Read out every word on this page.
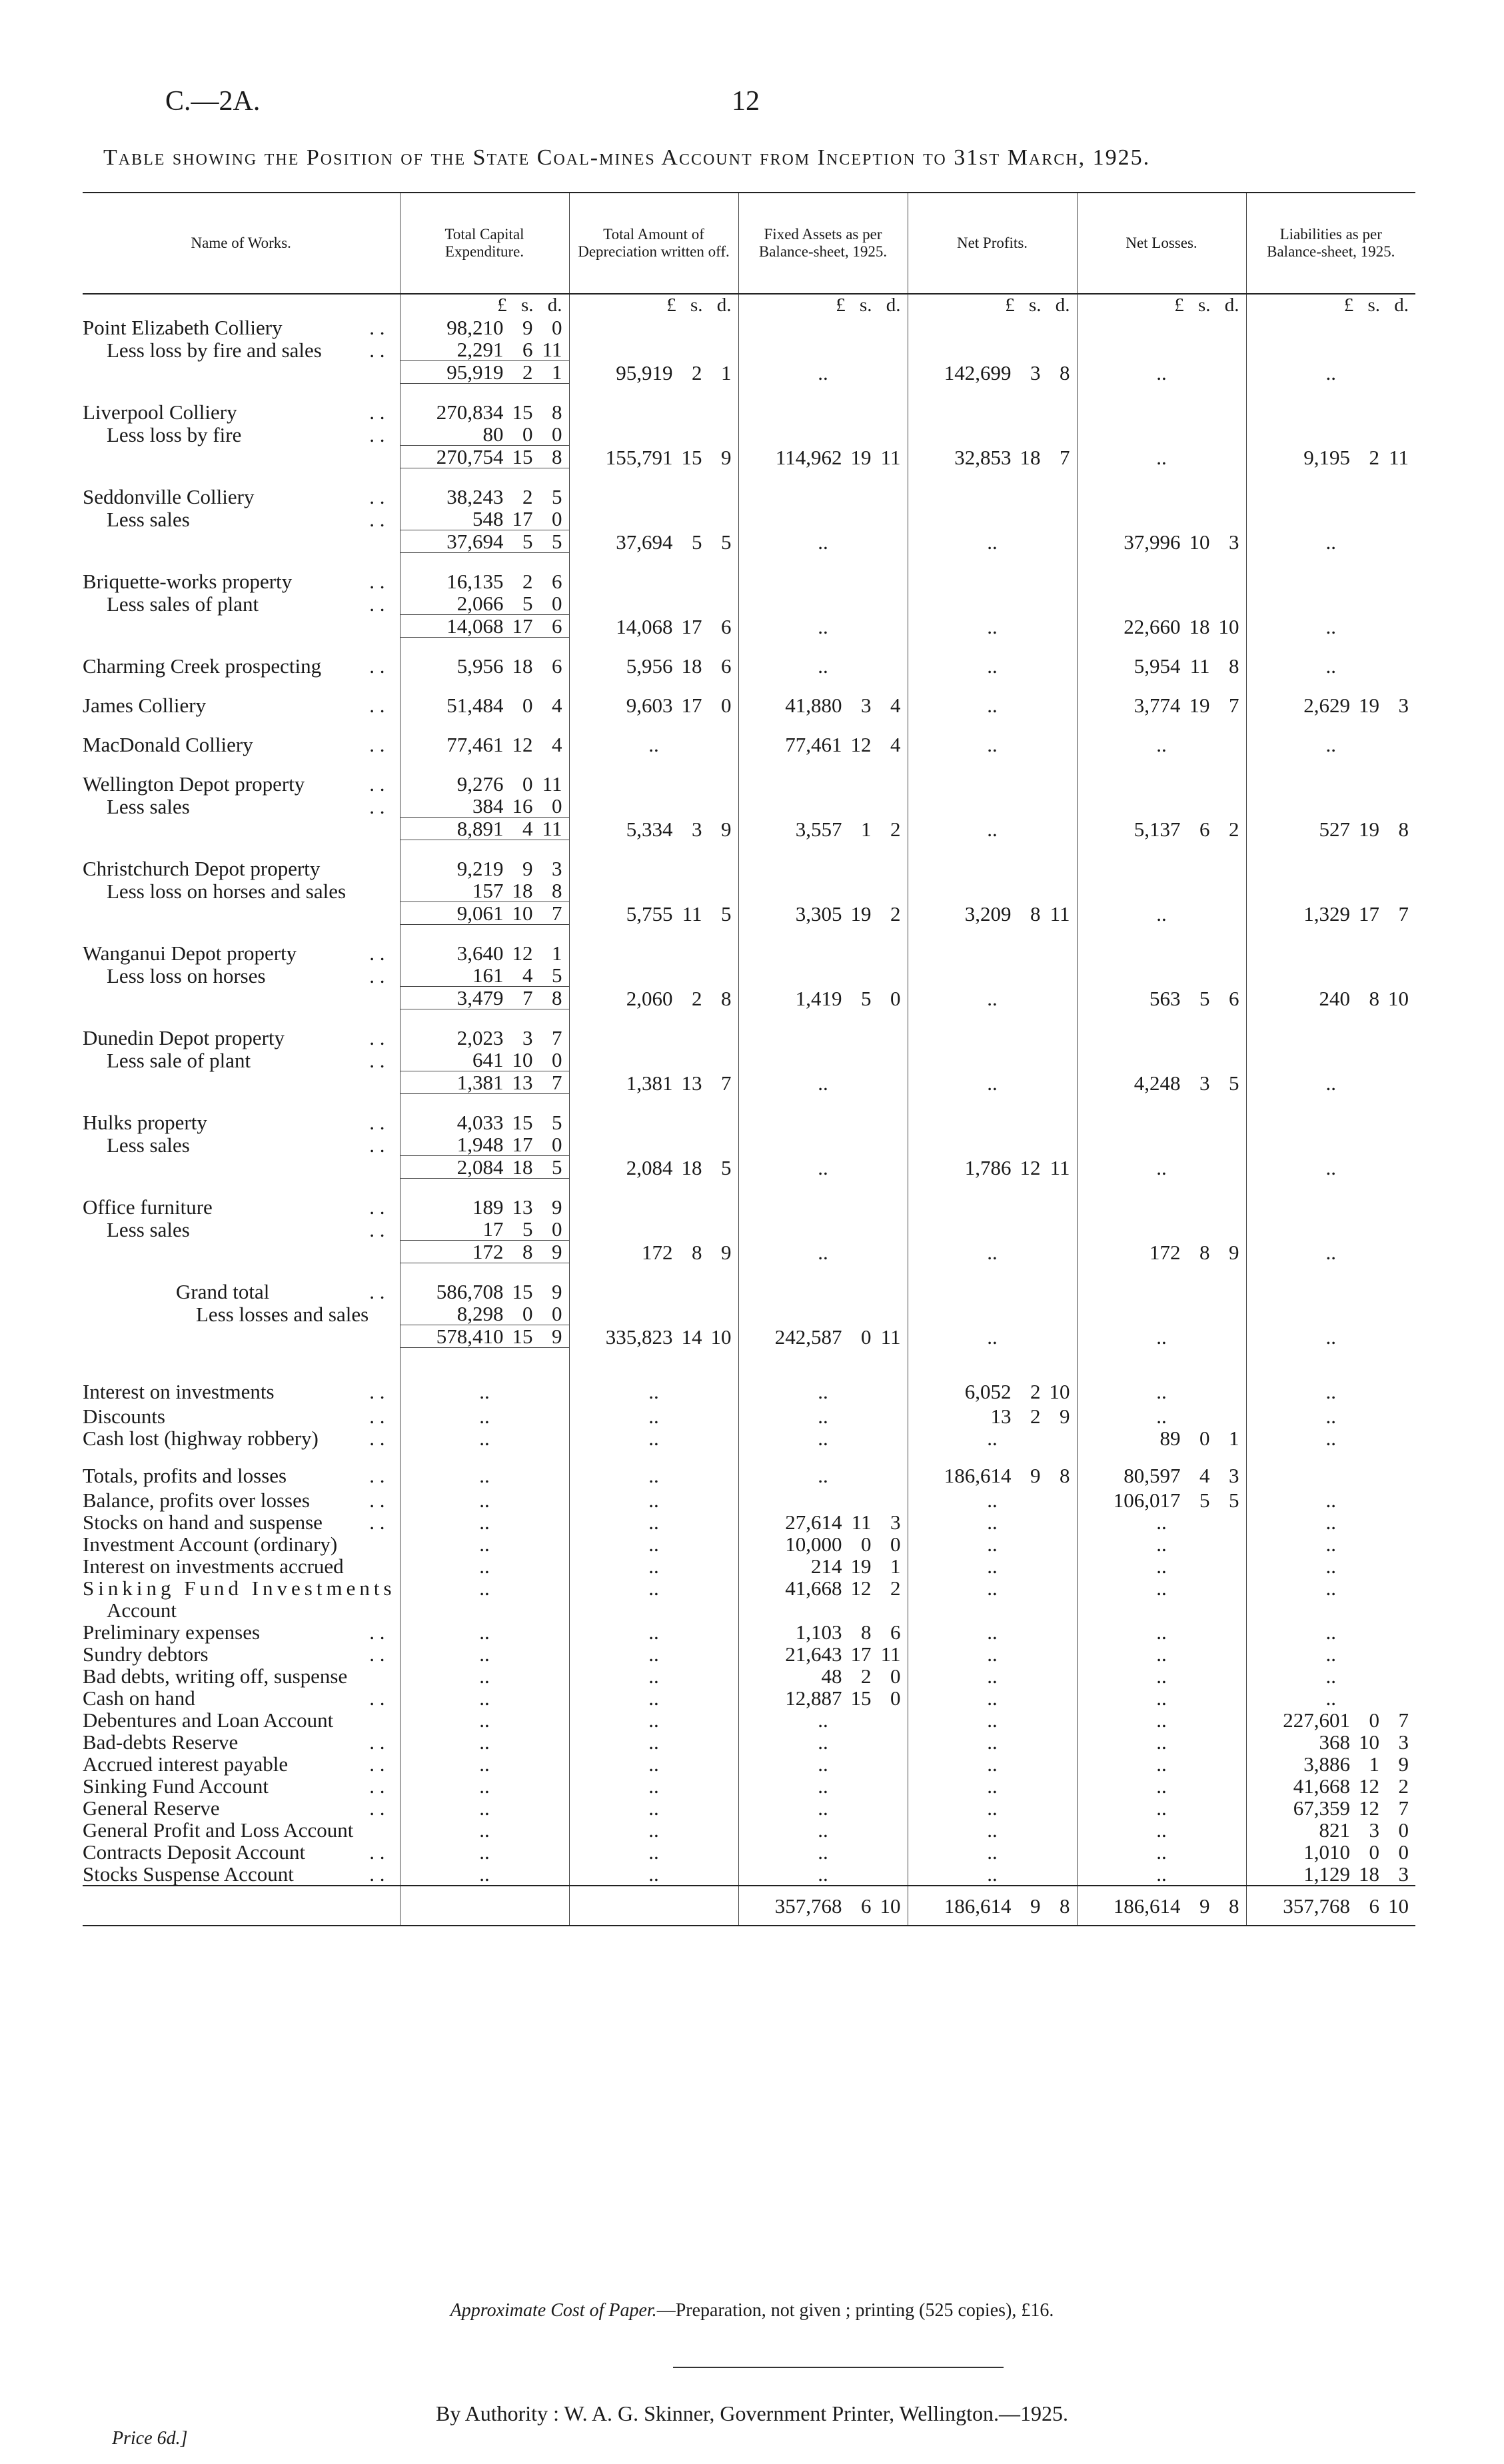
C.—2A.	12
Table showing the Position of the State Coal-mines Account from Inception to 31st March, 1925.
Name of Works.	Total Capital Expenditure.	Total Amount of Depreciation written off.	Fixed Assets as per Balance-sheet, 1925.	Net Profits.	Net Losses.	Liabilities as per Balance-sheet, 1925.

	£ s. d.	£ s. d.	£ s. d.	£ s. d.	£ s. d.	£ s. d.

Point Elizabeth Colliery . .	98,210 9 0					

Less loss by fire and sales . .	2,291 6 11					

	95,919 2 1	95,919 2 1	..	142,699 3 8	..	..

Liverpool Colliery . .	270,834 15 8					

Less loss by fire . .	80 0 0					

	270,754 15 8	155,791 15 9	114,962 19 11	32,853 18 7	..	9,195 2 11

Seddonville Colliery . .	38,243 2 5					

Less sales . .	548 17 0					

	37,694 5 5	37,694 5 5	..	..	37,996 10 3	..

Briquette-works property . .	16,135 2 6					

Less sales of plant . .	2,066 5 0					

	14,068 17 6	14,068 17 6	..	..	22,660 18 10	..

Charming Creek prospecting . .	5,956 18 6	5,956 18 6	..	..	5,954 11 8	..

James Colliery . .	51,484 0 4	9,603 17 0	41,880 3 4	..	3,774 19 7	2,629 19 3

MacDonald Colliery . .	77,461 12 4	..	77,461 12 4	..	..	..

Wellington Depot property . .	9,276 0 11					

Less sales . .	384 16 0					

	8,891 4 11	5,334 3 9	3,557 1 2	..	5,137 6 2	527 19 8

Christchurch Depot property	9,219 9 3					

Less loss on horses and sales	157 18 8					

	9,061 10 7	5,755 11 5	3,305 19 2	3,209 8 11	..	1,329 17 7

Wanganui Depot property . .	3,640 12 1					

Less loss on horses . .	161 4 5					

	3,479 7 8	2,060 2 8	1,419 5 0	..	563 5 6	240 8 10

Dunedin Depot property . .	2,023 3 7					

Less sale of plant . .	641 10 0					

	1,381 13 7	1,381 13 7	..	..	4,248 3 5	..

Hulks property . .	4,033 15 5					

Less sales . .	1,948 17 0					

	2,084 18 5	2,084 18 5	..	1,786 12 11	..	..

Office furniture . .	189 13 9					

Less sales . .	17 5 0					

	172 8 9	172 8 9	..	..	172 8 9	..

Grand total . .	586,708 15 9					

Less losses and sales	8,298 0 0					

	578,410 15 9	335,823 14 10	242,587 0 11	..	..	..

Interest on investments . .	..	..	..	6,052 2 10	..	..
Discounts . .	..	..	..	13 2 9	..	..
Cash lost (highway robbery) . .	..	..	..	..	89 0 1	..
Totals, profits and losses . .	..	..	..	186,614 9 8	80,597 4 3	

Balance, profits over losses . .	..	..		..	106,017 5 5	..
Stocks on hand and suspense . .	..	..	27,614 11 3	..	..	..
Investment Account (ordinary)	..	..	10,000 0 0	..	..	..
Interest on investments accrued	..	..	214 19 1	..	..	..
Sinking Fund Investments	..	..	41,668 12 2	..	..	..
Account						
Preliminary expenses . .	..	..	1,103 8 6	..	..	..
Sundry debtors . .	..	..	21,643 17 11	..	..	..
Bad debts, writing off, suspense	..	..	48 2 0	..	..	..
Cash on hand . .	..	..	12,887 15 0	..	..	..
Debentures and Loan Account	..	..	..	..	..	227,601 0 7

Bad-debts Reserve . .	..	..	..	..	..	368 10 3

Accrued interest payable . .	..	..	..	..	..	3,886 1 9

Sinking Fund Account . .	..	..	..	..	..	41,668 12 2

General Reserve . .	..	..	..	..	..	67,359 12 7

General Profit and Loss Account	..	..	..	..	..	821 3 0

Contracts Deposit Account . .	..	..	..	..	..	1,010 0 0

Stocks Suspense Account . .	..	..	..	..	..	1,129 18 3

			357,768 6 10	186,614 9 8	186,614 9 8	357,768 6 10
Approximate Cost of Paper.—Preparation, not given ; printing (525 copies), £16.
By Authority : W. A. G. Skinner, Government Printer, Wellington.—1925.
Price 6d.]
